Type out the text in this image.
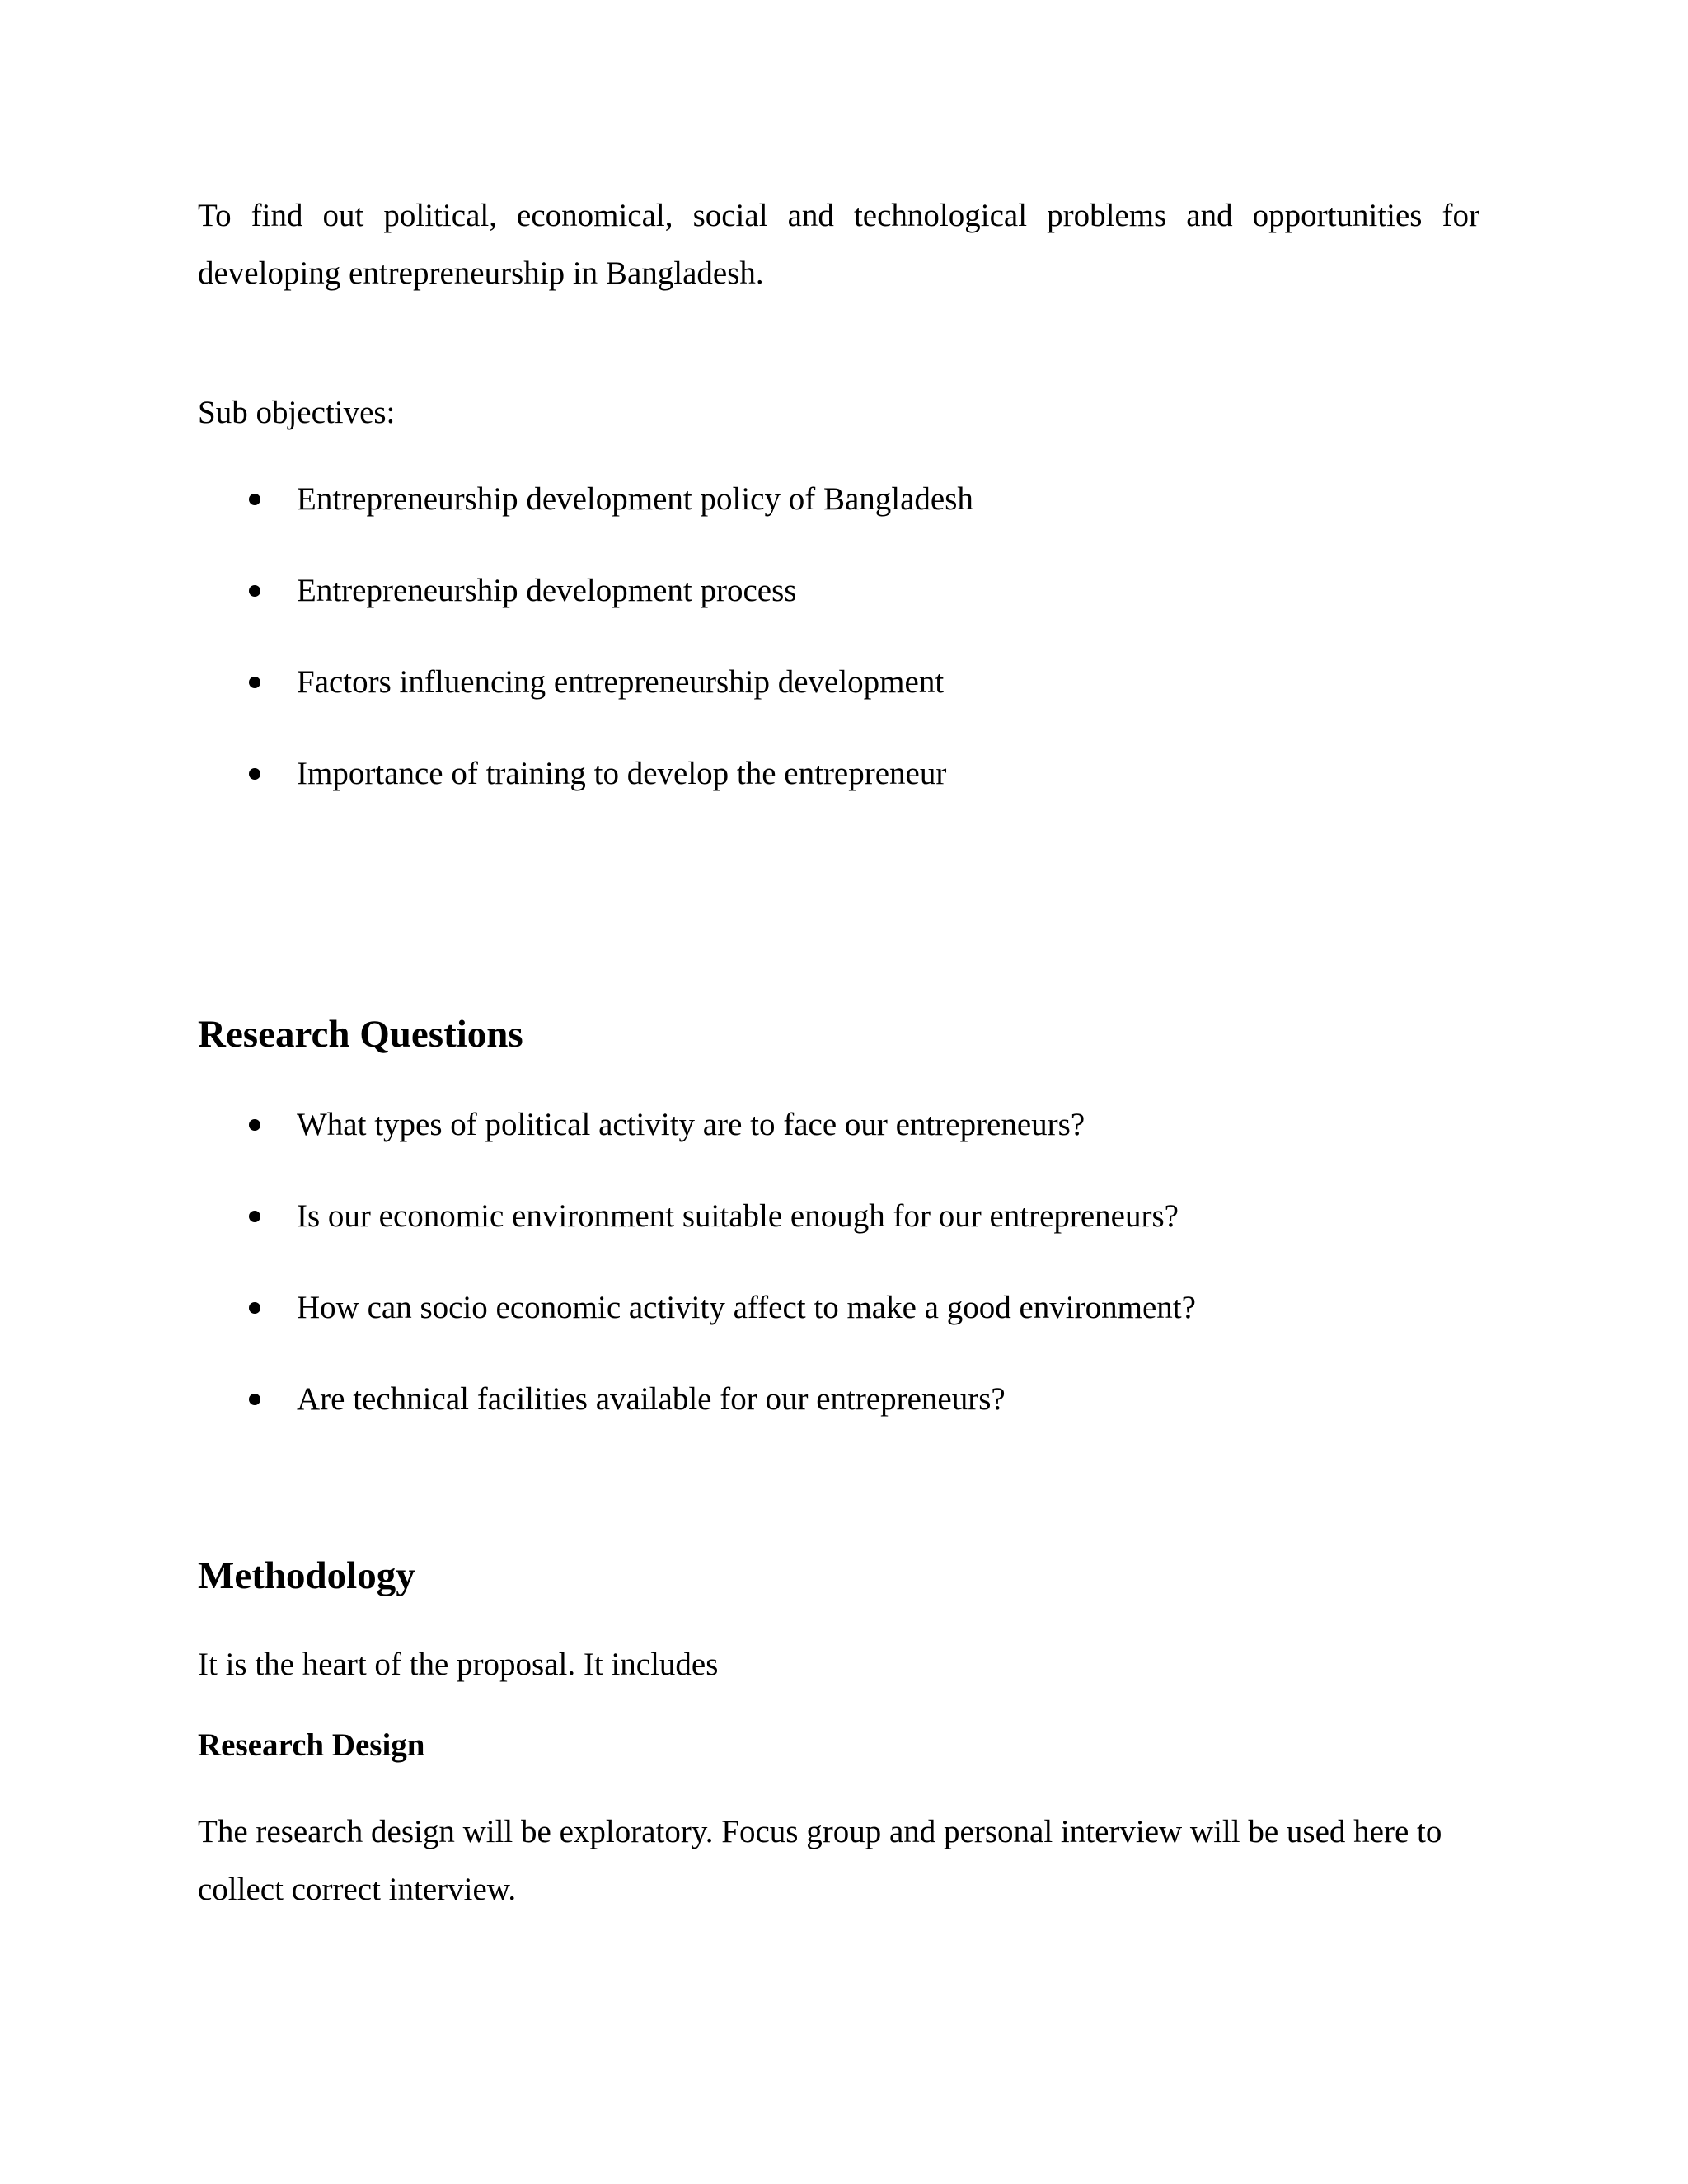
To find out political, economical, social and technological problems and opportunities for developing entrepreneurship in Bangladesh.

Sub objectives:

Entrepreneurship development policy of Bangladesh
Entrepreneurship development process
Factors influencing entrepreneurship development
Importance of training to develop the entrepreneur
Research Questions
What types of political activity are to face our entrepreneurs?
Is our economic environment suitable enough for our entrepreneurs?
How can socio economic activity affect to make a good environment?
Are technical facilities available for our entrepreneurs?
Methodology

It is the heart of the proposal. It includes

Research Design

The research design will be exploratory. Focus group and personal interview will be used here to collect correct interview.
